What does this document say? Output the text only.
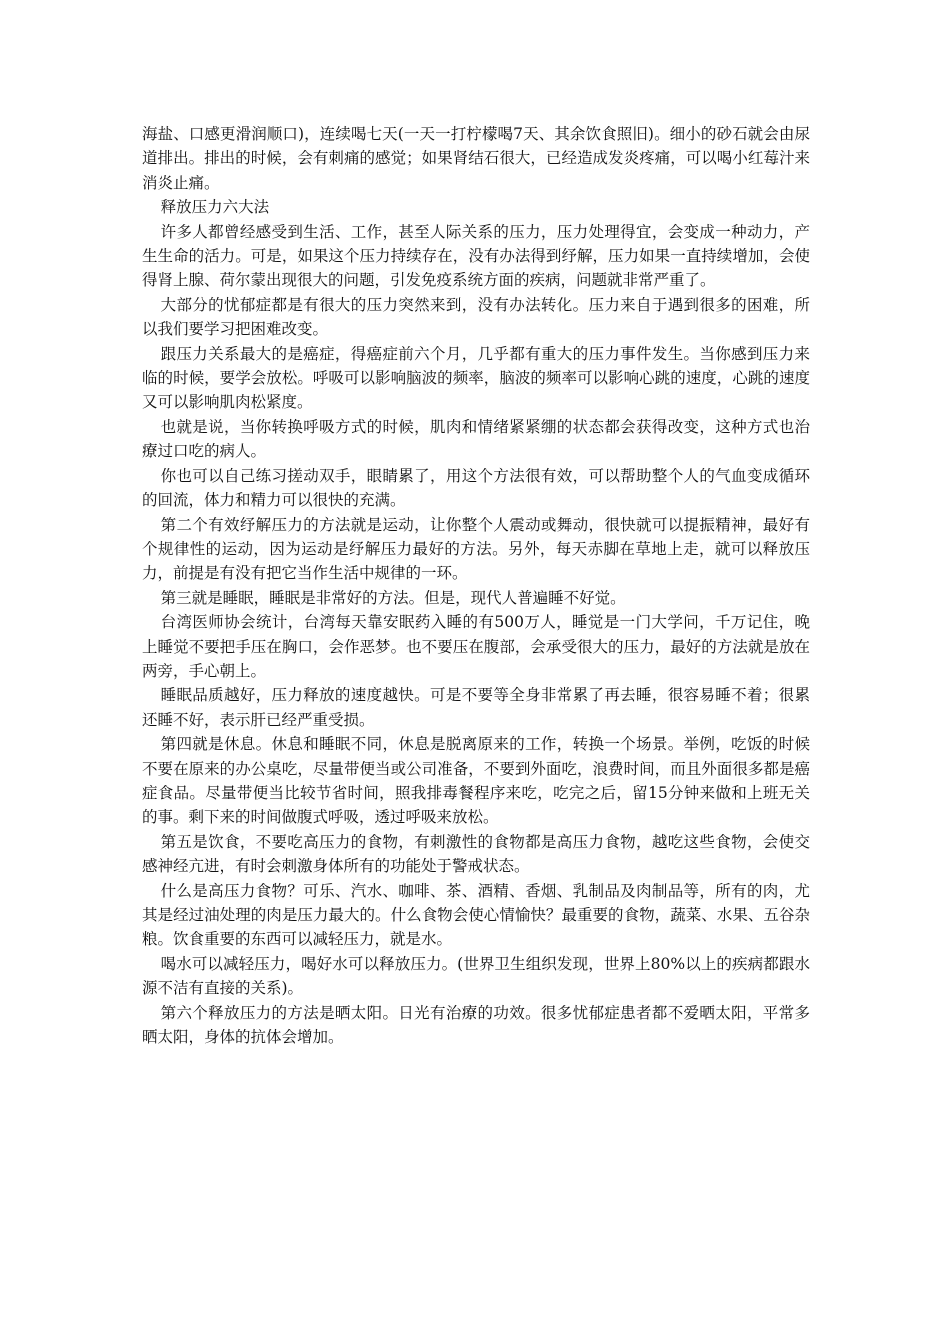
海盐、口感更滑润顺口)，连续喝七天(一天一打柠檬喝7天、其余饮食照旧)。细小的砂石就会由尿道排出。排出的时候，会有刺痛的感觉；如果肾结石很大，已经造成发炎疼痛，可以喝小红莓汁来消炎止痛。

释放压力六大法

许多人都曾经感受到生活、工作，甚至人际关系的压力，压力处理得宜，会变成一种动力，产生生命的活力。可是，如果这个压力持续存在，没有办法得到纾解，压力如果一直持续增加，会使得肾上腺、荷尔蒙出现很大的问题，引发免疫系统方面的疾病，问题就非常严重了。

大部分的忧郁症都是有很大的压力突然来到，没有办法转化。压力来自于遇到很多的困难，所以我们要学习把困难改变。

跟压力关系最大的是癌症，得癌症前六个月，几乎都有重大的压力事件发生。当你感到压力来临的时候，要学会放松。呼吸可以影响脑波的频率，脑波的频率可以影响心跳的速度，心跳的速度又可以影响肌肉松紧度。

也就是说，当你转换呼吸方式的时候，肌肉和情绪紧紧绷的状态都会获得改变，这种方式也治療过口吃的病人。

你也可以自己练习搓动双手，眼睛累了，用这个方法很有效，可以帮助整个人的气血变成循环的回流，体力和精力可以很快的充满。

第二个有效纾解压力的方法就是运动，让你整个人震动或舞动，很快就可以提振精神，最好有个规律性的运动，因为运动是纾解压力最好的方法。另外，每天赤脚在草地上走，就可以释放压力，前提是有没有把它当作生活中规律的一环。

第三就是睡眠，睡眠是非常好的方法。但是，现代人普遍睡不好觉。

台湾医师协会统计，台湾每天靠安眠药入睡的有500万人，睡觉是一门大学问，千万记住，晚上睡觉不要把手压在胸口，会作恶梦。也不要压在腹部，会承受很大的压力，最好的方法就是放在两旁，手心朝上。

睡眠品质越好，压力释放的速度越快。可是不要等全身非常累了再去睡，很容易睡不着；很累还睡不好，表示肝已经严重受损。

第四就是休息。休息和睡眠不同，休息是脱离原来的工作，转换一个场景。举例，吃饭的时候不要在原来的办公桌吃，尽量带便当或公司准备，不要到外面吃，浪费时间，而且外面很多都是癌症食品。尽量带便当比较节省时间，照我排毒餐程序来吃，吃完之后，留15分钟来做和上班无关的事。剩下来的时间做腹式呼吸，透过呼吸来放松。

第五是饮食，不要吃高压力的食物，有刺激性的食物都是高压力食物，越吃这些食物，会使交感神经亢进，有时会刺激身体所有的功能处于警戒状态。

什么是高压力食物？可乐、汽水、咖啡、茶、酒精、香烟、乳制品及肉制品等，所有的肉，尤其是经过油处理的肉是压力最大的。什么食物会使心情愉快？最重要的食物，蔬菜、水果、五谷杂粮。饮食重要的东西可以减轻压力，就是水。

喝水可以减轻压力，喝好水可以释放压力。(世界卫生组织发现，世界上80%以上的疾病都跟水源不洁有直接的关系)。

第六个释放压力的方法是晒太阳。日光有治療的功效。很多忧郁症患者都不爱晒太阳，平常多晒太阳，身体的抗体会增加。
